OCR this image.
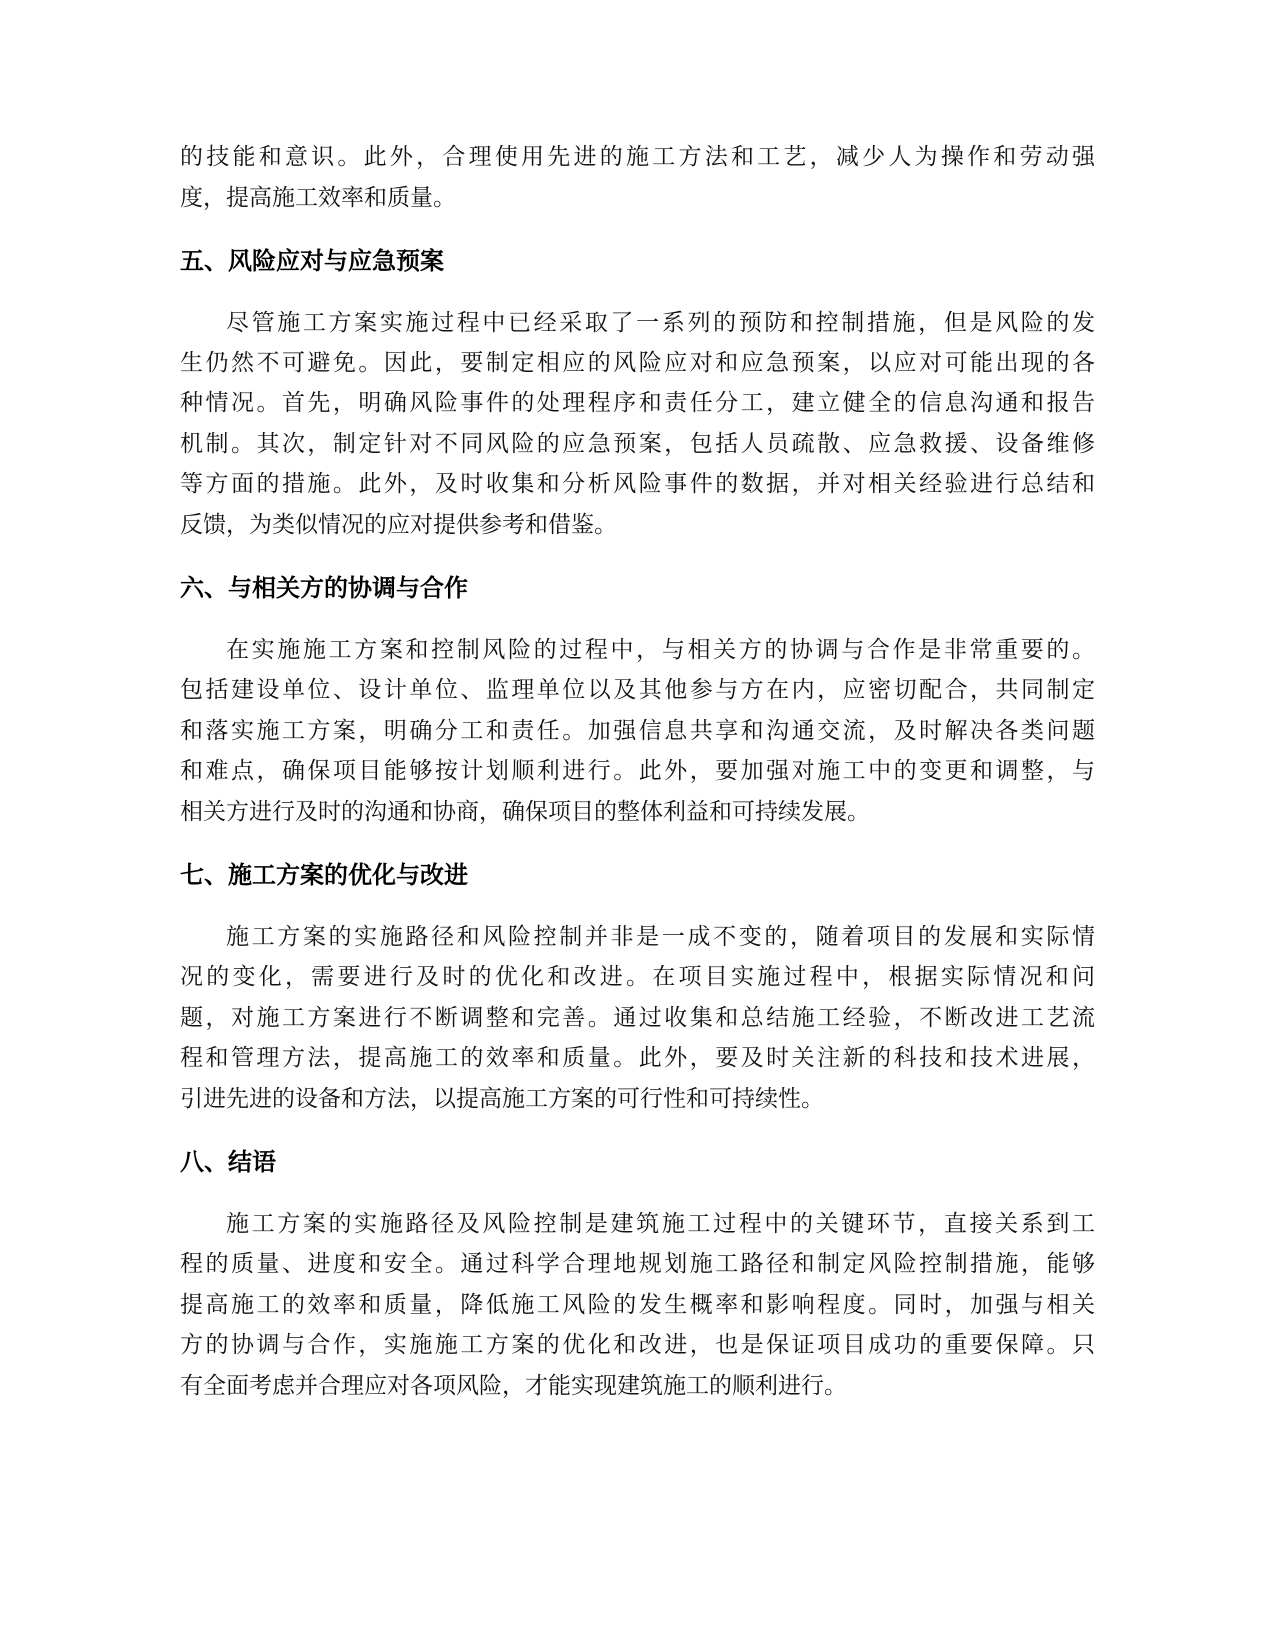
的技能和意识。此外，合理使用先进的施工方法和工艺，减少人为操作和劳动强
度，提高施工效率和质量。
五、风险应对与应急预案
尽管施工方案实施过程中已经采取了一系列的预防和控制措施，但是风险的发
生仍然不可避免。因此，要制定相应的风险应对和应急预案，以应对可能出现的各
种情况。首先，明确风险事件的处理程序和责任分工，建立健全的信息沟通和报告
机制。其次，制定针对不同风险的应急预案，包括人员疏散、应急救援、设备维修
等方面的措施。此外，及时收集和分析风险事件的数据，并对相关经验进行总结和
反馈，为类似情况的应对提供参考和借鉴。
六、与相关方的协调与合作
在实施施工方案和控制风险的过程中，与相关方的协调与合作是非常重要的。
包括建设单位、设计单位、监理单位以及其他参与方在内，应密切配合，共同制定
和落实施工方案，明确分工和责任。加强信息共享和沟通交流，及时解决各类问题
和难点，确保项目能够按计划顺利进行。此外，要加强对施工中的变更和调整，与
相关方进行及时的沟通和协商，确保项目的整体利益和可持续发展。
七、施工方案的优化与改进
施工方案的实施路径和风险控制并非是一成不变的，随着项目的发展和实际情
况的变化，需要进行及时的优化和改进。在项目实施过程中，根据实际情况和问
题，对施工方案进行不断调整和完善。通过收集和总结施工经验，不断改进工艺流
程和管理方法，提高施工的效率和质量。此外，要及时关注新的科技和技术进展，
引进先进的设备和方法，以提高施工方案的可行性和可持续性。
八、结语
施工方案的实施路径及风险控制是建筑施工过程中的关键环节，直接关系到工
程的质量、进度和安全。通过科学合理地规划施工路径和制定风险控制措施，能够
提高施工的效率和质量，降低施工风险的发生概率和影响程度。同时，加强与相关
方的协调与合作，实施施工方案的优化和改进，也是保证项目成功的重要保障。只
有全面考虑并合理应对各项风险，才能实现建筑施工的顺利进行。
